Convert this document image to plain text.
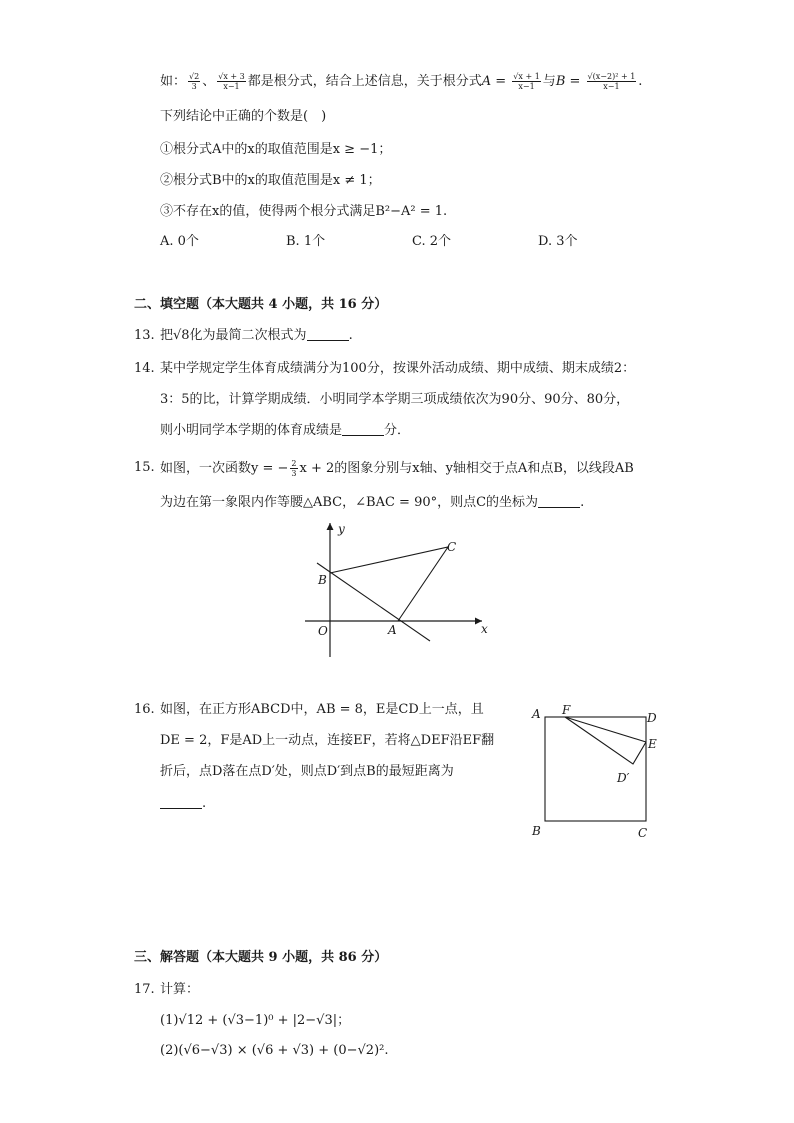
如： $\frac{√2}{3}$ 、 $\frac{√x + 3}{x-1}$ 都是根分式，结合上述信息，关于根分式$A = \frac{√x + 1}{x-1}$ 与$B = \frac{\text{√(x−2)² + 1}}{x-1}$ .
下列结论中正确的个数是(　)
①根分式A中的x的取值范围是x ≥ −1；
②根分式B中的x的取值范围是x ≠ 1；
③不存在x的值，使得两个根分式满足B²−A² = 1.
A. 0个	B. 1个	C. 2个	D. 3个
二、填空题（本大题共 4 小题，共 16 分）
13. 把√8化为最简二次根式为	.
14. 某中学规定学生体育成绩满分为100分，按课外活动成绩、期中成绩、期末成绩2：
3：5的比，计算学期成绩．小明同学本学期三项成绩依次为90分、90分、80分，
则小明同学本学期的体育成绩是	分．
15. 如图，一次函数y = − $\frac{2}{3}$ x + 2的图象分别与x轴、y轴相交于点A和点B，以线段AB
为边在第一象限内作等腰△ABC，∠BAC = 90°，则点C的坐标为	.
y
x
O	A
B
C
16. 如图，在正方形ABCD中，AB = 8，E是CD上一点，且
DE = 2，F是AD上一动点，连接EF，若将△DEF沿EF翻
折后，点D落在点D′处，则点D′到点B的最短距离为
.
A F
D
E
D′
B	C
三、解答题（本大题共 9 小题，共 86 分）
17. 计算：
(1)√12 + (√3−1)⁰ + |2−√3|；
(2)(√6−√3) × (√6 + √3) + (0−√2)².
